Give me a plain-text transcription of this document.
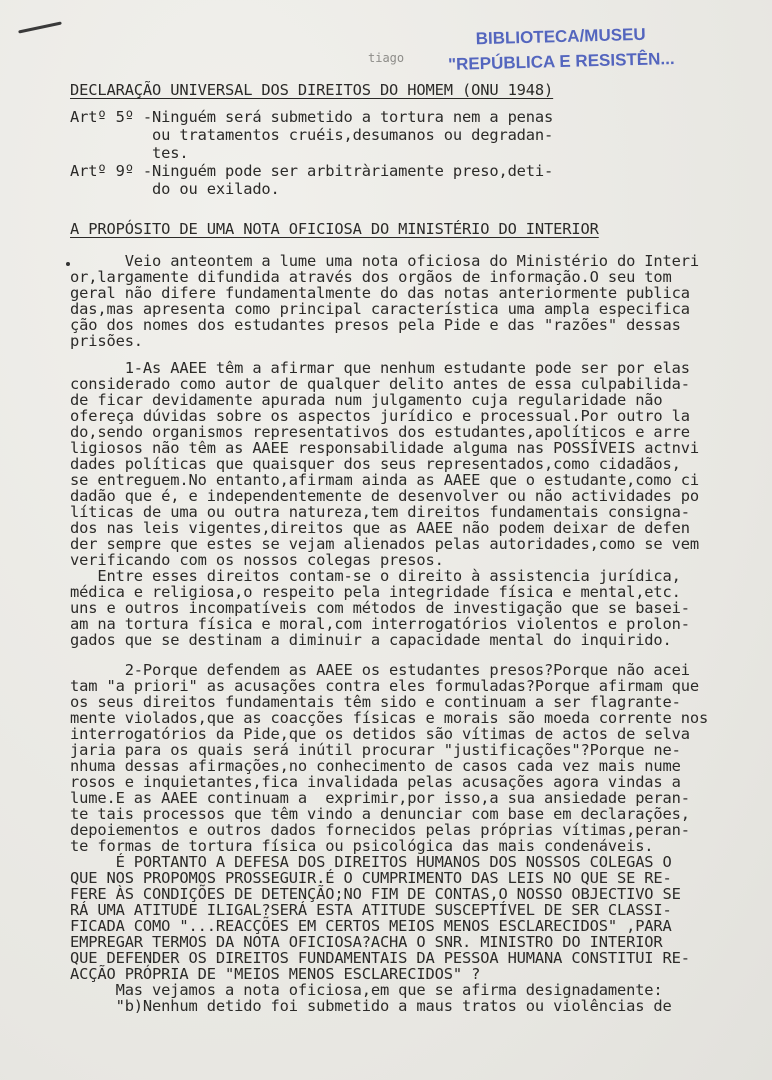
tiago
BIBLIOTECA/MUSEU
"REPÚBLICA E RESISTÊN...
DECLARAÇÃO UNIVERSAL DOS DIREITOS DO HOMEM (ONU 1948)
Artº 5º -Ninguém será submetido a tortura nem a penas
ou tratamentos cruéis,desumanos ou degradan-
tes.
Artº 9º -Ninguém pode ser arbitràriamente preso,deti-
do ou exilado.
A PROPÓSITO DE UMA NOTA OFICIOSA DO MINISTÉRIO DO INTERIOR
Veio anteontem a lume uma nota oficiosa do Ministério do Interi
or,largamente difundida através dos orgãos de informação.O seu tom
geral não difere fundamentalmente do das notas anteriormente publica
das,mas apresenta como principal característica uma ampla especifica
ção dos nomes dos estudantes presos pela Pide e das "razões" dessas
prisões.
1-As AAEE têm a afirmar que nenhum estudante pode ser por elas
considerado como autor de qualquer delito antes de essa culpabilida-
de ficar devidamente apurada num julgamento cuja regularidade não
ofereça dúvidas sobre os aspectos jurídico e processual.Por outro la
do,sendo organismos representativos dos estudantes,apolíticos e arre
ligiosos não têm as AAEE responsabilidade alguma nas POSSÍVEIS actnvi
dades políticas que quaisquer dos seus representados,como cidadãos,
se entreguem.No entanto,afirmam ainda as AAEE que o estudante,como ci
dadão que é, e independentemente de desenvolver ou não actividades po
líticas de uma ou outra natureza,tem direitos fundamentais consigna-
dos nas leis vigentes,direitos que as AAEE não podem deixar de defen
der sempre que estes se vejam alienados pelas autoridades,como se vem
verificando com os nossos colegas presos.
Entre esses direitos contam-se o direito à assistencia jurídica,
médica e religiosa,o respeito pela integridade física e mental,etc.
uns e outros incompatíveis com métodos de investigação que se basei-
am na tortura física e moral,com interrogatórios violentos e prolon-
gados que se destinam a diminuir a capacidade mental do inquirido.
2-Porque defendem as AAEE os estudantes presos?Porque não acei
tam "a priori" as acusações contra eles formuladas?Porque afirmam que
os seus direitos fundamentais têm sido e continuam a ser flagrante-
mente violados,que as coacções físicas e morais são moeda corrente nos
interrogatórios da Pide,que os detidos são vítimas de actos de selva
jaria para os quais será inútil procurar "justificações"?Porque ne-
nhuma dessas afirmações,no conhecimento de casos cada vez mais nume
rosos e inquietantes,fica invalidada pelas acusações agora vindas a
lume.E as AAEE continuam a  exprimir,por isso,a sua ansiedade peran-
te tais processos que têm vindo a denunciar com base em declarações,
depoiementos e outros dados fornecidos pelas próprias vítimas,peran-
te formas de tortura física ou psicológica das mais condenáveis.
É PORTANTO A DEFESA DOS DIREITOS HUMANOS DOS NOSSOS COLEGAS O
QUE NOS PROPOMOS PROSSEGUIR.É O CUMPRIMENTO DAS LEIS NO QUE SE RE-
FERE ÀS CONDIÇÕES DE DETENÇÃO;NO FIM DE CONTAS,O NOSSO OBJECTIVO SE
RÁ UMA ATITUDE ILIGAL?SERÁ ESTA ATITUDE SUSCEPTÍVEL DE SER CLASSI-
FICADA COMO "...REACÇÕES EM CERTOS MEIOS MENOS ESCLARECIDOS" ,PARA
EMPREGAR TERMOS DA NOTA OFICIOSA?ACHA O SNR. MINISTRO DO INTERIOR
QUE DEFENDER OS DIREITOS FUNDAMENTAIS DA PESSOA HUMANA CONSTITUI RE-
ACÇÃO PRÓPRIA DE "MEIOS MENOS ESCLARECIDOS" ?
Mas vejamos a nota oficiosa,em que se afirma designadamente:
"b)Nenhum detido foi submetido a maus tratos ou violências de
